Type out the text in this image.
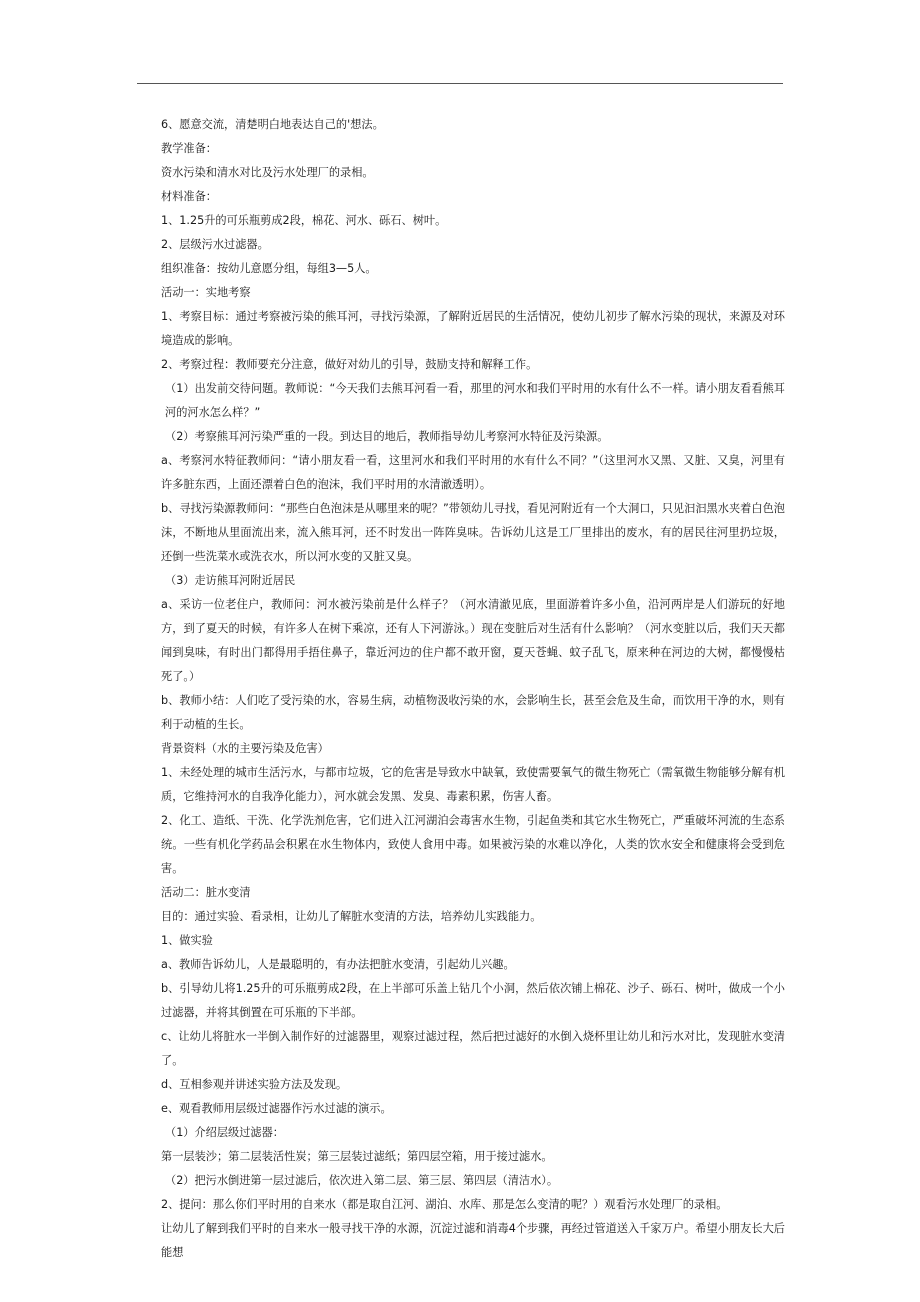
6、愿意交流，清楚明白地表达自己的'想法。

教学准备：

资水污染和清水对比及污水处理厂的录相。

材料准备：

1、1.25升的可乐瓶剪成2段，棉花、河水、砾石、树叶。

2、层级污水过滤器。

组织准备：按幼儿意愿分组，每组3—5人。

活动一：实地考察

1、考察目标：通过考察被污染的熊耳河，寻找污染源，了解附近居民的生活情况，使幼儿初步了解水污染的现状，来源及对环境造成的影响。

2、考察过程：教师要充分注意，做好对幼儿的引导，鼓励支持和解释工作。

（1）出发前交待问题。教师说：“今天我们去熊耳河看一看，那里的河水和我们平时用的水有什么不一样。请小朋友看看熊耳河的河水怎么样？”

（2）考察熊耳河污染严重的一段。到达目的地后，教师指导幼儿考察河水特征及污染源。

a、考察河水特征教师问：“请小朋友看一看，这里河水和我们平时用的水有什么不同？”（这里河水又黑、又脏、又臭，河里有许多脏东西，上面还漂着白色的泡沫，我们平时用的水清澈透明）。

b、寻找污染源教师问：“那些白色泡沫是从哪里来的呢？”带领幼儿寻找，看见河附近有一个大洞口，只见汩汩黑水夹着白色泡沫，不断地从里面流出来，流入熊耳河，还不时发出一阵阵臭味。告诉幼儿这是工厂里排出的废水，有的居民往河里扔垃圾，还倒一些洗菜水或洗衣水，所以河水变的又脏又臭。

（3）走访熊耳河附近居民

a、采访一位老住户，教师问：河水被污染前是什么样子？（河水清澈见底，里面游着许多小鱼，沿河两岸是人们游玩的好地方，到了夏天的时候，有许多人在树下乘凉，还有人下河游泳。）现在变脏后对生活有什么影响？（河水变脏以后，我们天天都闻到臭味，有时出门都得用手捂住鼻子，靠近河边的住户都不敢开窗，夏天苍蝇、蚊子乱飞，原来种在河边的大树，都慢慢枯死了。）

b、教师小结：人们吃了受污染的水，容易生病，动植物汲收污染的水，会影响生长，甚至会危及生命，而饮用干净的水，则有利于动植的生长。

背景资料（水的主要污染及危害）

1、未经处理的城市生活污水，与都市垃圾，它的危害是导致水中缺氧，致使需要氧气的微生物死亡（需氧微生物能够分解有机质，它维持河水的自我净化能力），河水就会发黑、发臭、毒素积累，伤害人畜。

2、化工、造纸、干洗、化学洗剂危害，它们进入江河湖泊会毒害水生物，引起鱼类和其它水生物死亡，严重破坏河流的生态系统。一些有机化学药品会积累在水生物体内，致使人食用中毒。如果被污染的水难以净化，人类的饮水安全和健康将会受到危害。

活动二：脏水变清

目的：通过实验、看录相，让幼儿了解脏水变清的方法，培养幼儿实践能力。

1、做实验

a、教师告诉幼儿，人是最聪明的，有办法把脏水变清，引起幼儿兴趣。

b、引导幼儿将1.25升的可乐瓶剪成2段，在上半部可乐盖上钻几个小洞，然后依次铺上棉花、沙子、砾石、树叶，做成一个小过滤器，并将其倒置在可乐瓶的下半部。

c、让幼儿将脏水一半倒入制作好的过滤器里，观察过滤过程，然后把过滤好的水倒入烧杯里让幼儿和污水对比，发现脏水变清了。

d、互相参观并讲述实验方法及发现。

e、观看教师用层级过滤器作污水过滤的演示。

（1）介绍层级过滤器：

第一层装沙；第二层装活性炭；第三层装过滤纸；第四层空箱，用于接过滤水。

（2）把污水倒进第一层过滤后，依次进入第二层、第三层、第四层（清洁水）。

2、提问：那么你们平时用的自来水（都是取自江河、湖泊、水库、那是怎么变清的呢？）观看污水处理厂的录相。

让幼儿了解到我们平时的自来水一般寻找干净的水源，沉淀过滤和消毒4个步骤，再经过管道送入千家万户。希望小朋友长大后能想
